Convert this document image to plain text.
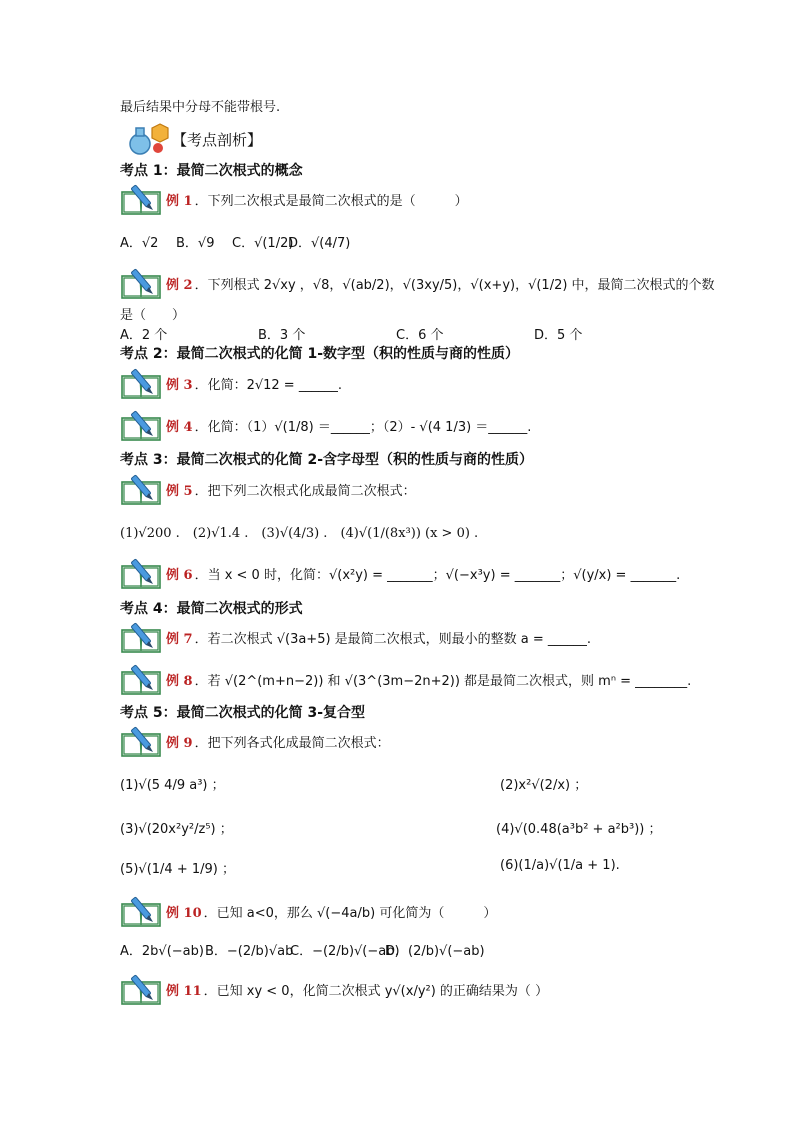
最后结果中分母不能带根号.
【考点剖析】
考点 1：最简二次根式的概念
例 1 ．下列二次根式是最简二次根式的是（　　　）
A．√2 B．√9 C．√(1/2)
D．√(4/7)
例 2 ．下列根式 2√xy ，√8，√(ab/2)，√(3xy/5)，√(x+y)，√(1/2) 中，最简二次根式的个数
是（　　）
A．2 个	B．3 个	C．6 个	D．5 个
考点 2：最简二次根式的化简 1-数字型（积的性质与商的性质）
例 3 ．化简：2√12 = ______.
例 4 ．化简：（1）√(1/8) ＝______；（2）- √(4 1/3) ＝______.
考点 3：最简二次根式的化简 2-含字母型（积的性质与商的性质）
例 5 ．把下列二次根式化成最简二次根式：
(1)√200 .　(2)√1.4 .　(3)√(4/3) .　(4)√(1/(8x³)) (x > 0) .
例 6 ．当 x < 0 时，化简：√(x²y) = _______；√(−x³y) = _______；√(y/x) = _______.
考点 4：最简二次根式的形式
例 7 ．若二次根式 √(3a+5) 是最简二次根式，则最小的整数 a = ______.
例 8 ．若 √(2^(m+n−2)) 和 √(3^(3m−2n+2)) 都是最简二次根式，则 mⁿ = ________.
考点 5：最简二次根式的化简 3-复合型
例 9 ．把下列各式化成最简二次根式：
(1)√(5 4/9 a³) ；	(2)x²√(2/x) ；
(3)√(20x²y²/z⁵) ；	(4)√(0.48(a³b² + a²b³)) ；
(5)√(1/4 + 1/9) ；	(6)(1/a)√(1/a + 1).
例 10 ．已知 a<0，那么 √(−4a/b) 可化简为（　　　）
A．2b√(−ab) B．−(2/b)√ab
C．−(2/b)√(−ab)
D．(2/b)√(−ab)
例 11 ．已知 xy < 0，化简二次根式 y√(x/y²) 的正确结果为（ ）
